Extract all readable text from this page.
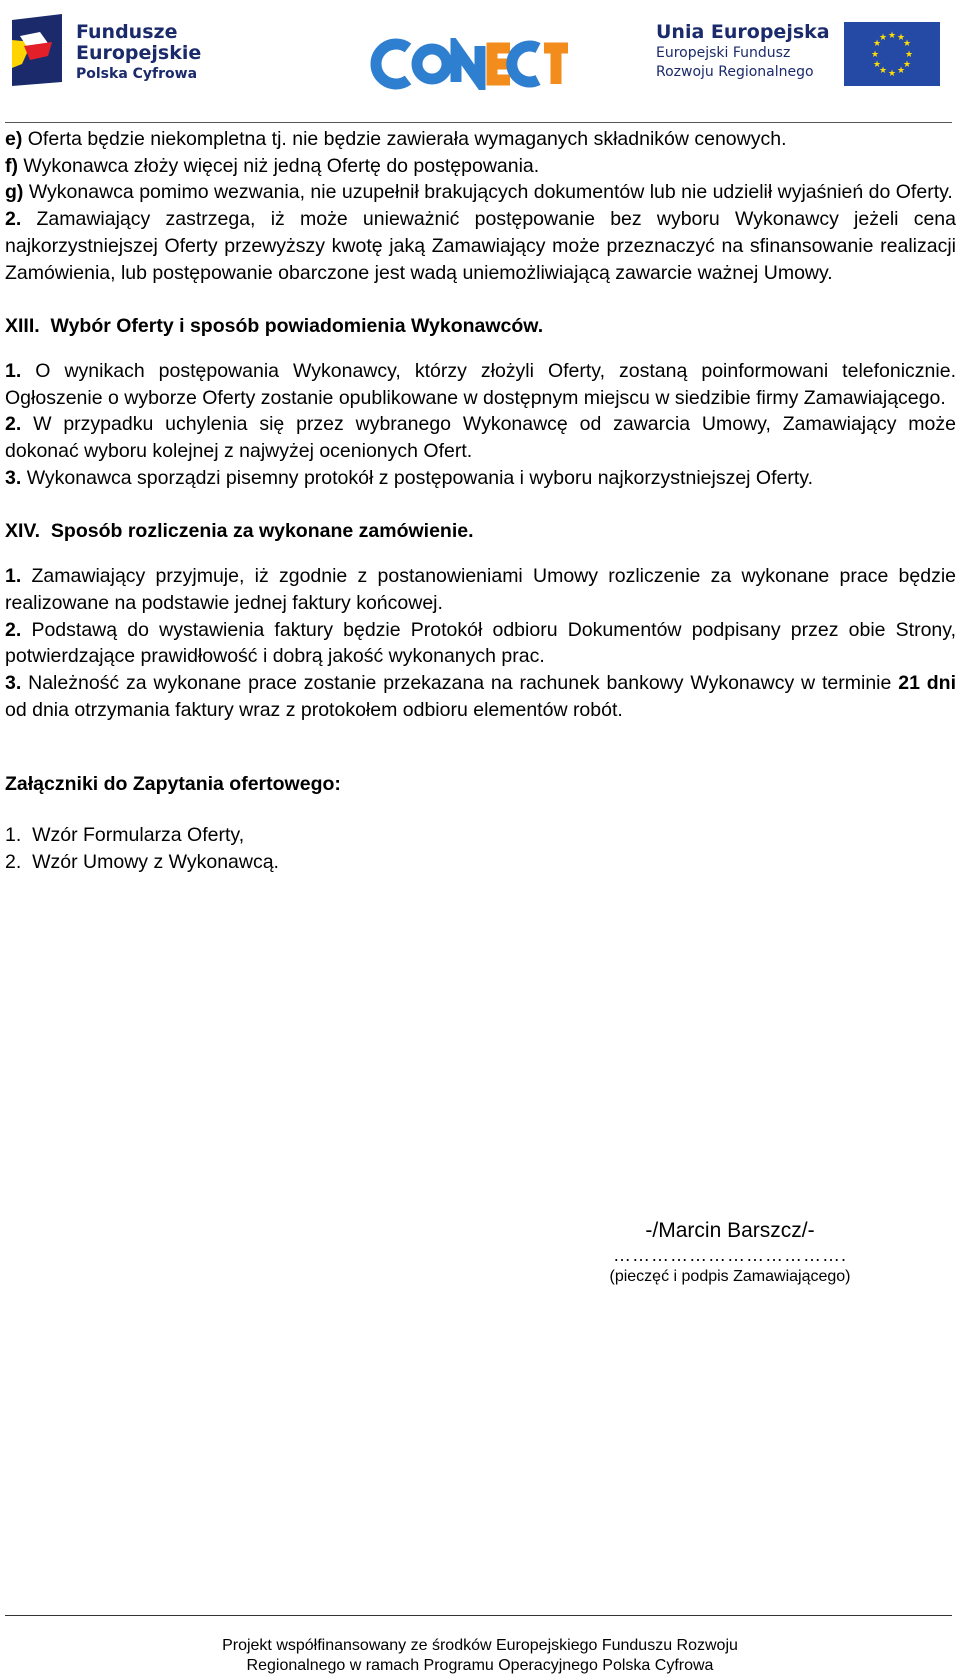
Fundusze
Europejskie
Polska Cyfrowa
Unia Europejska
Europejski Fundusz
Rozwoju Regionalnego
★ ★
★
★
★
★
★
★
★
★
★
★

e) Oferta będzie niekompletna tj. nie będzie zawierała wymaganych składników cenowych.

f) Wykonawca złoży więcej niż jedną Ofertę do postępowania.

g) Wykonawca pomimo wezwania, nie uzupełnił brakujących dokumentów lub nie udzielił wyjaśnień do Oferty.

2. Zamawiający zastrzega, iż może unieważnić postępowanie bez wyboru Wykonawcy jeżeli cena najkorzystniejszej Oferty przewyższy kwotę jaką Zamawiający może przeznaczyć na sfinansowanie realizacji Zamówienia, lub postępowanie obarczone jest wadą uniemożliwiającą zawarcie ważnej Umowy.

XIII. Wybór Oferty i sposób powiadomienia Wykonawców.

1. O wynikach postępowania Wykonawcy, którzy złożyli Oferty, zostaną poinformowani telefonicznie. Ogłoszenie o wyborze Oferty zostanie opublikowane w dostępnym miejscu w siedzibie firmy Zamawiającego.

2. W przypadku uchylenia się przez wybranego Wykonawcę od zawarcia Umowy, Zamawiający może dokonać wyboru kolejnej z najwyżej ocenionych Ofert.

3. Wykonawca sporządzi pisemny protokół z postępowania i wyboru najkorzystniejszej Oferty.

XIV. Sposób rozliczenia za wykonane zamówienie.

1. Zamawiający przyjmuje, iż zgodnie z postanowieniami Umowy rozliczenie za wykonane prace będzie realizowane na podstawie jednej faktury końcowej.

2. Podstawą do wystawienia faktury będzie Protokół odbioru Dokumentów podpisany przez obie Strony, potwierdzające prawidłowość i dobrą jakość wykonanych prac.

3. Należność za wykonane prace zostanie przekazana na rachunek bankowy Wykonawcy w terminie 21 dni od dnia otrzymania faktury wraz z protokołem odbioru elementów robót.

Załączniki do Zapytania ofertowego:

1. Wzór Formularza Oferty,

2. Wzór Umowy z Wykonawcą.

-/Marcin Barszcz/-
……………………………….
(pieczęć i podpis Zamawiającego)
Projekt współfinansowany ze środków Europejskiego Funduszu Rozwoju
Regionalnego w ramach Programu Operacyjnego Polska Cyfrowa
